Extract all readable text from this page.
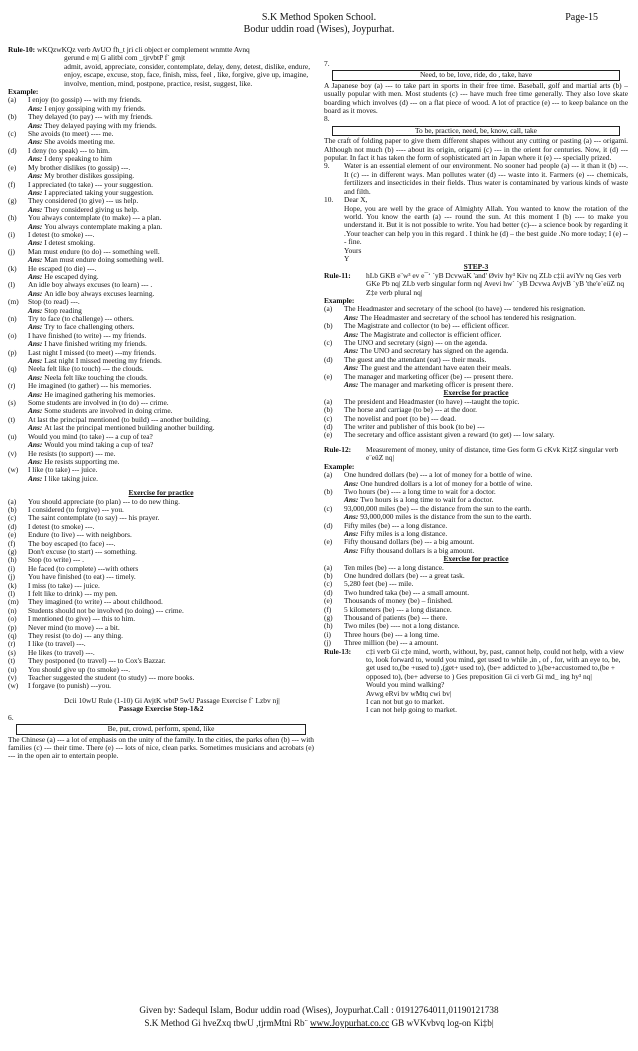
S.K Method Spoken School.	Page-15
Bodur uddin road (Wises), Joypurhat.

Rule-10: wKQzwKQz verb AvUO fh_t jri cli object er complement wnmtte Avnq

gerund e m| G alitbi com _tjrvbtP f` gmjt

admit, avoid, appreciate, consider, contemplate, delay, deny, detest, dislike, endure, enjoy, escape, excuse, stop, face, finish, miss, feel , like, forgive, give up, imagine, involve, mention, mind, postpone, practice, resist, suggest, like.

Example:

(a)	I enjoy (to gossip) --- with my friends.
Ans: I enjoy gossiping with my friends.
(b)	They delayed (to pay) --- with my friends.
Ans: They delayed paying with my friends.
(c)	She avoids (to meet) ---- me.
Ans: She avoids meeting me.
(d)	I deny (to speak) --- to him.
Ans: I deny speaking to him
(e)	My brother dislikes (to gossip) ---.
Ans: My brother dislikes gossiping.
(f)	I appreciated (to take) --- your suggestion.
Ans: I appreciated taking your suggestion.
(g)	They considered (to give) --- us help.
Ans: They considered giving us help.
(h)	You always contemplate (to make) --- a plan.
Ans: You always contemplate making a plan.
(i)	I detest (to smoke) ---.
Ans: I detest smoking.
(j)	Man must endure (to do) --- something well.
Ans: Man must endure doing something well.
(k)	He escaped (to die) ---.
Ans: He escaped dying.
(l)	An idle boy always excuses (to learn) --- .
Ans: An idle boy always excuses learning.
(m)	Stop (to read) ---.
Ans: Stop reading
(n)	Try to face (to challenge) --- others.
Ans: Try to face challenging others.
(o)	I have finished (to write) --- my friends.
Ans: I have finished writing my friends.
(p)	Last night I missed (to meet) ---my friends.
Ans: Last night I missed meeting my friends.
(q)	Neela felt like (to touch) --- the clouds.
Ans: Neela felt like touching the clouds.
(r)	He imagined (to gather) --- his memories.
Ans: He imagined gathering his memories.
(s)	Some students are involved in (to do) --- crime.
Ans: Some students are involved in doing crime.
(t)	At last the principal mentioned (to build) --- another building.
Ans: At last the principal mentioned building another building.
(u)	Would you mind (to take) --- a cup of tea?
Ans: Would you mind taking a cup of tea?
(v)	He resists (to support) --- me.
Ans: He resists supporting me.
(w)	I like (to take) --- juice.
Ans: I like taking juice.

Exercise for practice

(a)	You should appreciate (to plan) --- to do new thing.
(b)	I considered (to forgive) --- you.
(c)	The saint contemplate (to say) --- his prayer.
(d)	I detest (to smoke) ---.
(e)	Endure (to live) --- with neighbors.
(f)	The boy escaped (to face) ---.
(g)	Don't excuse (to start) --- something.
(h)	Stop (to write) --- .
(i)	He faced (to complete) ---with others
(j)	You have finished (to eat) --- timely.
(k)	I miss (to take) --- juice.
(l)	I felt like to drink) --- my pen.
(m)	They imagined (to write) --- about childhood.
(n)	Students should not be involved (to doing) --- crime.
(o)	I mentioned (to give) --- this to him.
(p)	Never mind (to move) --- a bit.
(q)	They resist (to do) --- any thing.
(r)	I like (to travel) ---.
(s)	He likes (to travel) ---.
(t)	They postponed (to travel) --- to Cox's Bazzar.
(u)	You should give up (to smoke) ---.
(v)	Teacher suggested the student (to study) --- more books.
(w)	I forgave (to punish) ---you.

Dcii 10wU Rule (1-10) Gi AvjtK wbtP 5wU Passage Exercise f` Lzbv nj|

Passage Exercise Step-1&2

6.

Be, put, crowd, perform, spend, like

The Chinese (a) --- a lot of emphasis on the unity of the family. In the cities, the parks often (b) --- with families (c) --- their time. There (e) --- lots of nice, clean parks. Sometimes musicians and acrobats (e) --- in the open air to entertain people.

7.

Need, to be, love, ride, do , take, have

A Japanese boy (a) --- to take part in sports in their free time. Baseball, golf and martial arts (b) – usually popular with men. Most students (c) --- have much free time generally. They also love skate boarding which involves (d) --- on a flat piece of wood. A lot of practice (e) --- to keep balance on the board as it moves.

8.

To be, practice, need, be, know, call, take

The craft of folding paper to give them different shapes without any cutting or pasting (a) --- origami. Although not much (b) ---- about its origin, origami (c) --- in the orient for centuries. Now, it (d) --- popular. In fact it has taken the form of sophisticated art in Japan where it (e) --- specially prized.

9.	Water is an essential element of our environment. No sooner had people (a) --- it than it (b) ---. It (c) --- in different ways. Man pollutes water (d) --- waste into it. Farmers (e) --- chemicals, fertilizers and insecticides in their fields. Thus water is contaminated by various kinds of waste and filth.
10.	Dear X,

Hope, you are well by the grace of Almighty Allah. You wanted to know the rotation of the world. You know the earth (a) --- round the sun. At this moment I (b) ---- to make you understand it. But it is not possible to write. You had better (c)--- a science book by regarding it .Your teacher can help you in this regard . I think he (d) – the best guide .No more today; I (e) --- fine.

Yours

Y

STEP-3

Rule-11:	hLb GKB e¨w³ ev e¯‘ `yB DcvwaK 'and' Øviv hy³ Kiv nq ZLb c‡ii aviYv nq Ges verb GKe Pb nq| ZLb verb singular form nq| Avevi hw` `yB Dcvwa AvjvB `yB 'the'e¨eüZ nq Z‡e verb plural nq|

Example:

(a)	The Headmaster and secretary of the school (to have) --- tendered his resignation.
Ans: The Headmaster and secretary of the school has tendered his resignation.
(b)	The Magistrate and collector (to be) --- efficient officer.
Ans: The Magistrate and collector is efficient officer.
(c)	The UNO and secretary (sign) --- on the agenda.
Ans: The UNO and secretary has signed on the agenda.
(d)	The guest and the attendant (eat) --- their meals.
Ans: The guest and the attendant have eaten their meals.
(e)	The manager and marketing officer (be) --- present there.
Ans: The manager and marketing officer is present there.

Exercise for practice

(a)	The president and Headmaster (to have) ---taught the topic.
(b)	The horse and carriage (to be) --- at the door.
(c)	The novelist and poet (to be) --- dead.
(d)	The writer and publisher of this book (to be) ---
(e)	The secretary and office assistant given a reward (to get) --- low salary.
Rule-12:	Measurement of money, unity of distance, time Ges form G cKvk Ki‡Z singular verb e¨eüZ nq|

Example:

(a)	One hundred dollars (be) --- a lot of money for a bottle of wine.
Ans: One hundred dollars is a lot of money for a bottle of wine.
(b)	Two hours (be) ---- a long time to wait for a doctor.
Ans: Two hours is a long time to wait for a doctor.
(c)	93,000,000 miles (be) --- the distance from the sun to the earth.
Ans: 93,000,000 miles is the distance from the sun to the earth.
(d)	Fifty miles (be) --- a long distance.
Ans: Fifty miles is a long distance.
(e)	Fifty thousand dollars (be) --- a big amount.
Ans: Fifty thousand dollars is a big amount.

Exercise for practice

(a)	Ten miles (be) --- a long distance.
(b)	One hundred dollars (be) --- a great task.
(c)	5,280 feet (be) --- mile.
(d)	Two hundred taka (be) --- a small amount.
(e)	Thousands of money (be) – finished.
(f)	5 kilometers (be) --- a long distance.
(g)	Thousand of patients (be) --- there.
(h)	Two miles (be) ---- not a long distance.
(i)	Three hours (be) --- a long time.
(j)	Three million (be) --- a amount.
Rule-13:	c‡i verb Gi c‡e mind, worth, without, by, past, cannot help, could not help, with a view to, look forward to, would you mind, get used to while ,in , of , for, with an eye to, be, get used to,(be +used to) ,(get+ used to), (be+ addicted to ),(be+accustomed to,(be + opposed to), (be+ adverse to ) Ges preposition Gi ci verb Gi md_ ing hy³ nq|

Would you mind walking?

Avwg eRvi bv wMtq cwi bv|

I can not but go to market.

I can not help going to market.

Given by: Sadequl Islam, Bodur uddin road (Wises), Joypurhat.Call : 01912764011,01190121738
S.K Method Gi hveZxq tbwU ,tjrmMtni Rb¨ www.Joypurhat.co.cc GB wVKvbvq log-on Ki‡b|
